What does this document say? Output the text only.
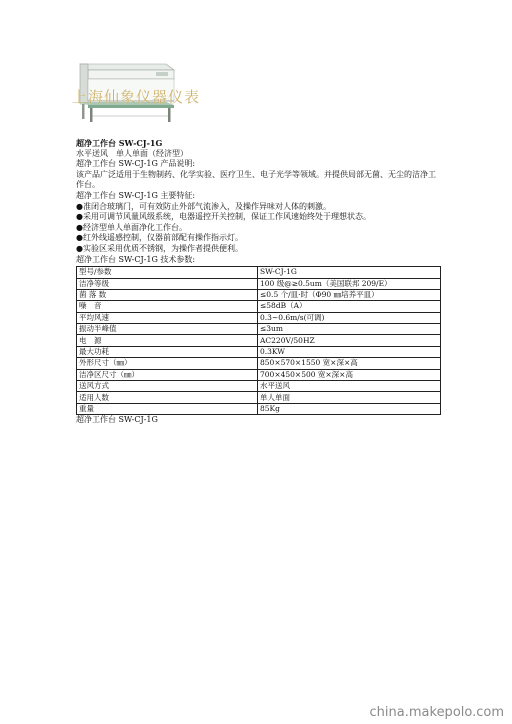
上海仙象仪器仪表
超净工作台 SW-CJ-1G
水平送风　单人单面（经济型）
超净工作台 SW-CJ-1G 产品说明:
该产品广泛适用于生物制药、化学实验、医疗卫生、电子光学等领域。并提供局部无菌、无尘的洁净工作台。
超净工作台 SW-CJ-1G 主要特征:
●准闭合玻璃门，可有效防止外部气流渗入，及操作异味对人体的刺激。
●采用可调节风量风级系统，电器遥控开关控制，保证工作风速始终处于理想状态。
●经济型单人单面净化工作台。
●红外线遥感控制，仪器前部配有操作指示灯。
●实验区采用优质不锈钢，为操作者提供便利。
超净工作台 SW-CJ-1G 技术参数:
型号/参数	SW-CJ-1G
洁净等级	100 级@≥0.5um（美国联邦 209/E）
菌 落 数	≤0.5 个/皿·时（Φ90 ㎜培养平皿）
噪　音	≤58dB（A）
平均风速	0.3~0.6m/s(可调)
振动半峰值	≤3um
电　源	AC220V/50HZ
最大功耗	0.3KW
外形尺寸（㎜）	850×570×1550 宽×深×高
洁净区尺寸（㎜）	700×450×500 宽×深×高
送风方式	水平送风
适用人数	单人单面
重量	85Kg
超净工作台 SW-CJ-1G
china.makepolo.com
